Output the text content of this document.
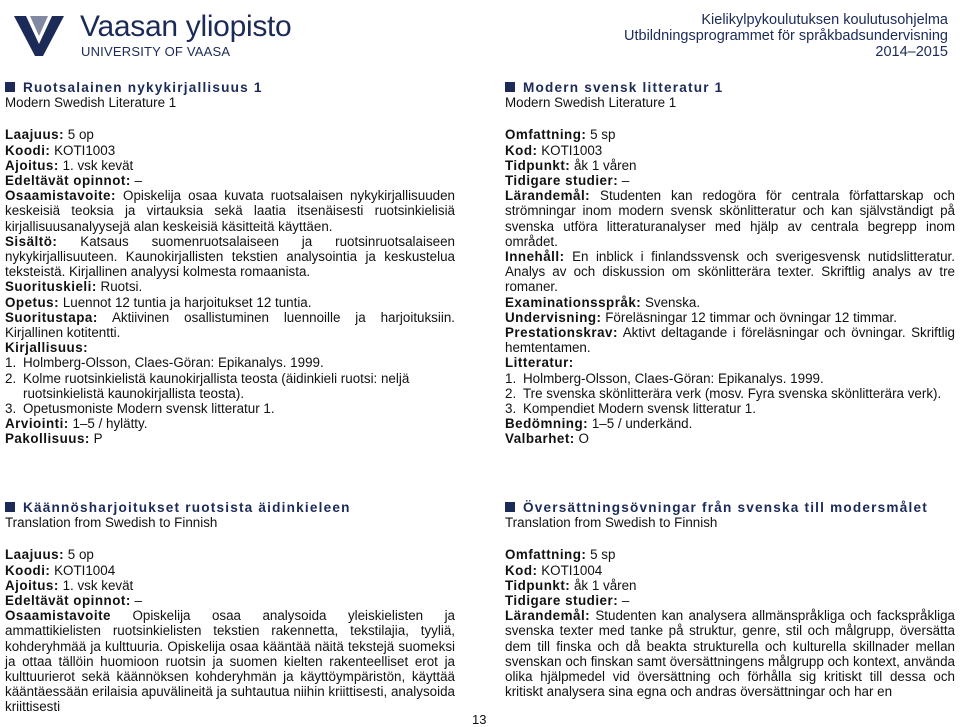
Vaasan yliopisto
UNIVERSITY OF VAASA
Kielikylpykoulutuksen koulutusohjelma
Utbildningsprogrammet för språkbadsundervisning
2014–2015
Ruotsalainen nykykirjallisuus 1
Modern Swedish Literature 1

Laajuus: 5 op

Koodi: KOTI1003

Ajoitus: 1. vsk kevät

Edeltävät opinnot: –

Osaamistavoite: Opiskelija osaa kuvata ruotsalaisen nykykirjallisuuden keskeisiä teoksia ja virtauksia sekä laatia itsenäisesti ruotsinkielisiä kirjallisuusanalyysejä alan keskeisiä käsitteitä käyttäen.

Sisältö: Katsaus suomenruotsalaiseen ja ruotsinruotsalaiseen nykykirjallisuuteen. Kaunokirjallisten tekstien analysointia ja keskustelua teksteistä. Kirjallinen analyysi kolmesta romaanista.

Suorituskieli: Ruotsi.

Opetus: Luennot 12 tuntia ja harjoitukset 12 tuntia.

Suoritustapa: Aktiivinen osallistuminen luennoille ja harjoituksiin. Kirjallinen kotitentti.

Kirjallisuus:

1. Holmberg-Olsson, Claes-Göran: Epikanalys. 1999.
2. Kolme ruotsinkielistä kaunokirjallista teosta (äidinkieli ruotsi: neljä ruotsinkielistä kaunokirjallista teosta).
3. Opetusmoniste Modern svensk litteratur 1.

Arviointi: 1–5 / hylätty.

Pakollisuus: P

Modern svensk litteratur 1
Modern Swedish Literature 1

Omfattning: 5 sp

Kod: KOTI1003

Tidpunkt: åk 1 våren

Tidigare studier: –

Lärandemål: Studenten kan redogöra för centrala författarskap och strömningar inom modern svensk skönlitteratur och kan självständigt på svenska utföra litteraturanalyser med hjälp av centrala begrepp inom området.

Innehåll: En inblick i finlandssvensk och sverigesvensk nutidslitteratur. Analys av och diskussion om skönlitterära texter. Skriftlig analys av tre romaner.

Examinationsspråk: Svenska.

Undervisning: Föreläsningar 12 timmar och övningar 12 timmar.

Prestationskrav: Aktivt deltagande i föreläsningar och övningar. Skriftlig hemtentamen.

Litteratur:

1. Holmberg-Olsson, Claes-Göran: Epikanalys. 1999.
2. Tre svenska skönlitterära verk (mosv. Fyra svenska skönlitterära verk).
3. Kompendiet Modern svensk litteratur 1.

Bedömning: 1–5 / underkänd.

Valbarhet: O

Käännösharjoitukset ruotsista äidinkieleen
Translation from Swedish to Finnish

Laajuus: 5 op

Koodi: KOTI1004

Ajoitus: 1. vsk kevät

Edeltävät opinnot: –

Osaamistavoite Opiskelija osaa analysoida yleiskielisten ja ammattikielisten ruotsinkielisten tekstien rakennetta, tekstilajia, tyyliä, kohderyhmää ja kulttuuria. Opiskelija osaa kääntää näitä tekstejä suomeksi ja ottaa tällöin huomioon ruotsin ja suomen kielten rakenteelliset erot ja kulttuurierot sekä käännöksen kohderyhmän ja käyttöympäristön, käyttää kääntäessään erilaisia apuvälineitä ja suhtautua niihin kriittisesti, analysoida kriittisesti

Översättningsövningar från svenska till modersmålet
Translation from Swedish to Finnish

Omfattning: 5 sp

Kod: KOTI1004

Tidpunkt: åk 1 våren

Tidigare studier: –

Lärandemål: Studenten kan analysera allmänspråkliga och fackspråkliga svenska texter med tanke på struktur, genre, stil och målgrupp, översätta dem till finska och då beakta strukturella och kulturella skillnader mellan svenskan och finskan samt översättningens målgrupp och kontext, använda olika hjälpmedel vid översättning och förhålla sig kritiskt till dessa och kritiskt analysera sina egna och andras översättningar och har en

13
